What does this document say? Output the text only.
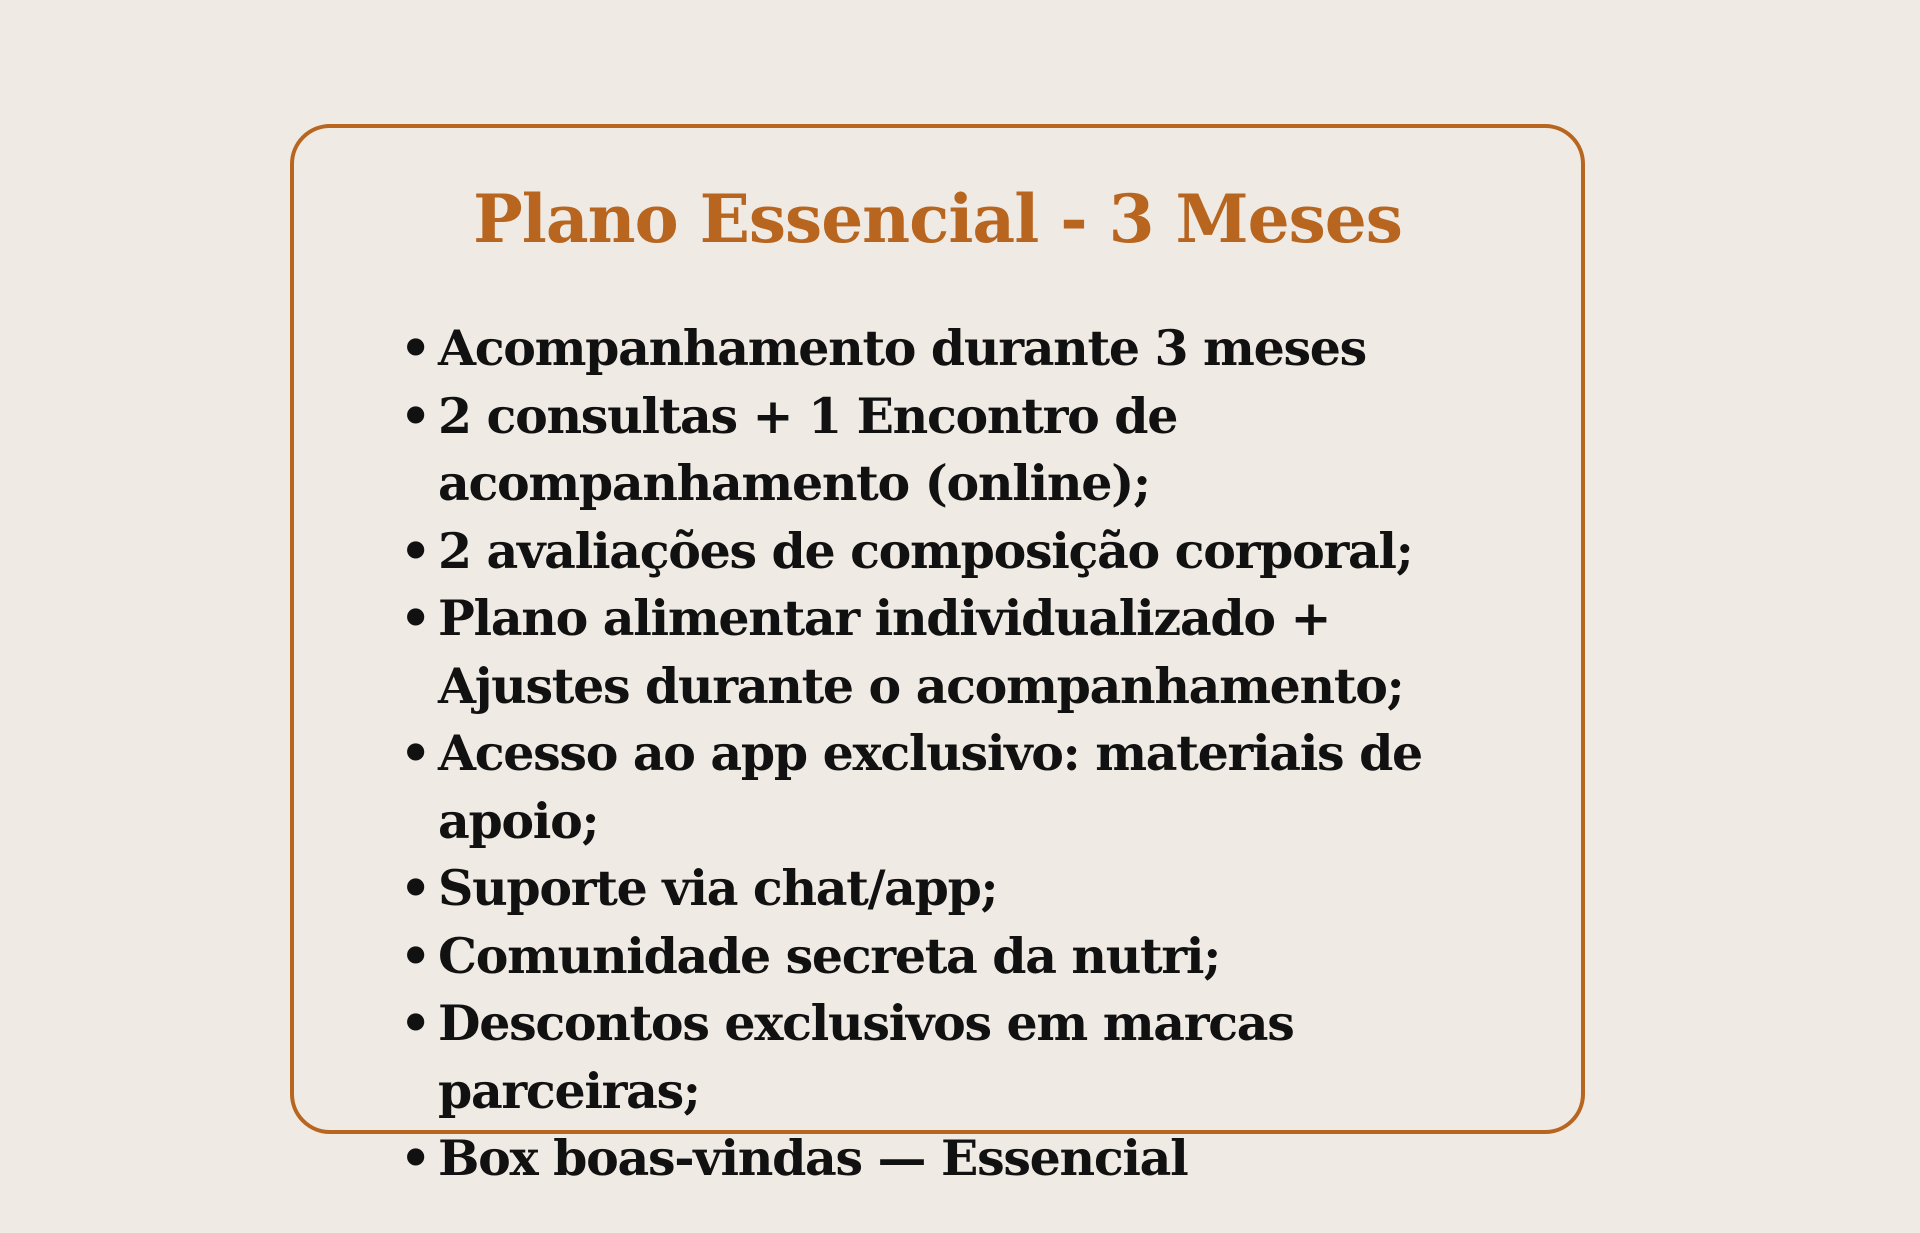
Plano Essencial - 3 Meses
• Acompanhamento durante 3 meses
• 2 consultas + 1 Encontro de acompanhamento (online);
• 2 avaliações de composição corporal;
• Plano alimentar individualizado + Ajustes durante o acompanhamento;
• Acesso ao app exclusivo: materiais de apoio;
• Suporte via chat/app;
• Comunidade secreta da nutri;
• Descontos exclusivos em marcas parceiras;
• Box boas-vindas — Essencial
